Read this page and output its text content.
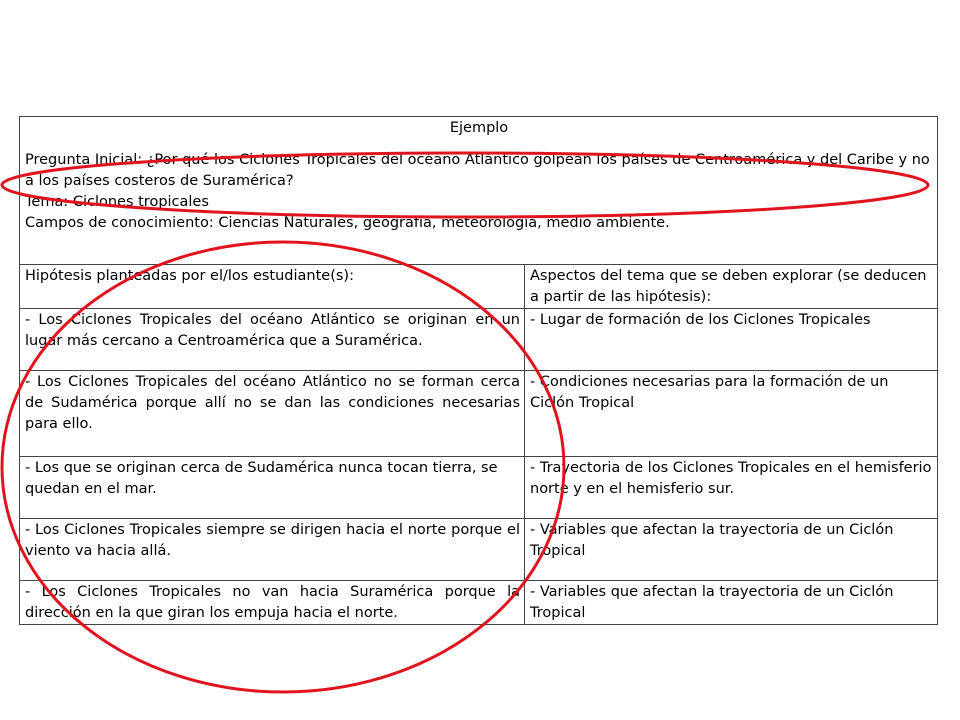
Ejemplo
Pregunta Inicial: ¿Por qué los Ciclones Tropicales del océano Atlántico golpean los países de Centroamérica y del Caribe y no a los países costeros de Suramérica?
Tema: Ciclones tropicales
Campos de conocimiento: Ciencias Naturales, geografía, meteorología, medio ambiente.	

Hipótesis planteadas por el/los estudiante(s):	Aspectos del tema que se deben explorar (se deducen a partir de las hipótesis):
- Los Ciclones Tropicales del océano Atlántico se originan en un lugar más cercano a Centroamérica que a Suramérica.	- Lugar de formación de los Ciclones Tropicales
- Los Ciclones Tropicales del océano Atlántico no se forman cerca de Sudamérica porque allí no se dan las condiciones necesarias para ello.	- Condiciones necesarias para la formación de un Ciclón Tropical
- Los que se originan cerca de Sudamérica nunca tocan tierra, se quedan en el mar.	- Trayectoria de los Ciclones Tropicales en el hemisferio norte y en el hemisferio sur.
- Los Ciclones Tropicales siempre se dirigen hacia el norte porque el viento va hacia allá.	- Variables que afectan la trayectoria de un Ciclón Tropical
- Los Ciclones Tropicales no van hacia Suramérica porque la dirección en la que giran los empuja hacia el norte.	- Variables que afectan la trayectoria de un Ciclón Tropical
